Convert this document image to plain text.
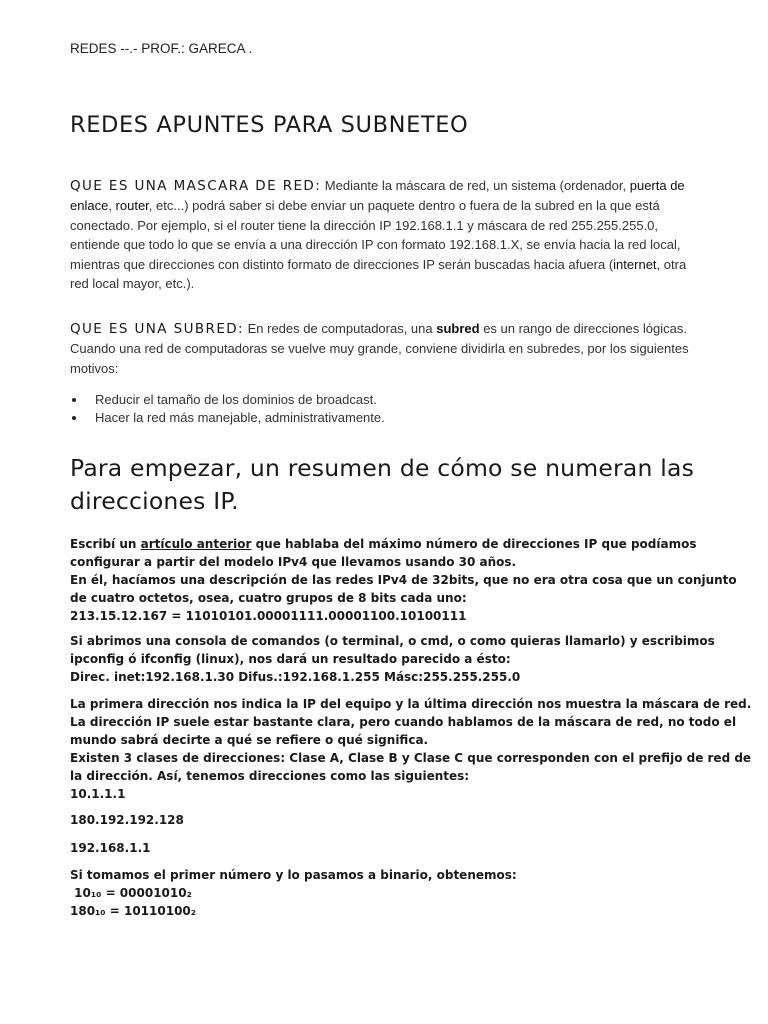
REDES --.- PROF.: GARECA .
REDES APUNTES PARA SUBNETEO
QUE ES UNA MASCARA DE RED: Mediante la máscara de red, un sistema (ordenador, puerta de enlace, router, etc...) podrá saber si debe enviar un paquete dentro o fuera de la subred en la que está conectado. Por ejemplo, si el router tiene la dirección IP 192.168.1.1 y máscara de red 255.255.255.0, entiende que todo lo que se envía a una dirección IP con formato 192.168.1.X, se envía hacia la red local, mientras que direcciones con distinto formato de direcciones IP serán buscadas hacia afuera (internet, otra red local mayor, etc.).
QUE ES UNA SUBRED: En redes de computadoras, una subred es un rango de direcciones lógicas. Cuando una red de computadoras se vuelve muy grande, conviene dividirla en subredes, por los siguientes motivos:
Reducir el tamaño de los dominios de broadcast.
Hacer la red más manejable, administrativamente.
Para empezar, un resumen de cómo se numeran las direcciones IP.
Escribí un artículo anterior que hablaba del máximo número de direcciones IP que podíamos
configurar a partir del modelo IPv4 que llevamos usando 30 años.
En él, hacíamos una descripción de las redes IPv4 de 32bits, que no era otra cosa que un conjunto
de cuatro octetos, osea, cuatro grupos de 8 bits cada uno:
213.15.12.167 = 11010101.00001111.00001100.10100111
Si abrimos una consola de comandos (o terminal, o cmd, o como quieras llamarlo) y escribimos
ipconfig ó ifconfig (linux), nos dará un resultado parecido a ésto:
Direc. inet:192.168.1.30 Difus.:192.168.1.255 Másc:255.255.255.0
La primera dirección nos indica la IP del equipo y la última dirección nos muestra la máscara de red.
La dirección IP suele estar bastante clara, pero cuando hablamos de la máscara de red, no todo el
mundo sabrá decirte a qué se refiere o qué significa.
Existen 3 clases de direcciones: Clase A, Clase B y Clase C que corresponden con el prefijo de red de
la dirección. Así, tenemos direcciones como las siguientes:
10.1.1.1
180.192.192.128
192.168.1.1
Si tomamos el primer número y lo pasamos a binario, obtenemos:
10₁₀ = 00001010₂
180₁₀ = 10110100₂
